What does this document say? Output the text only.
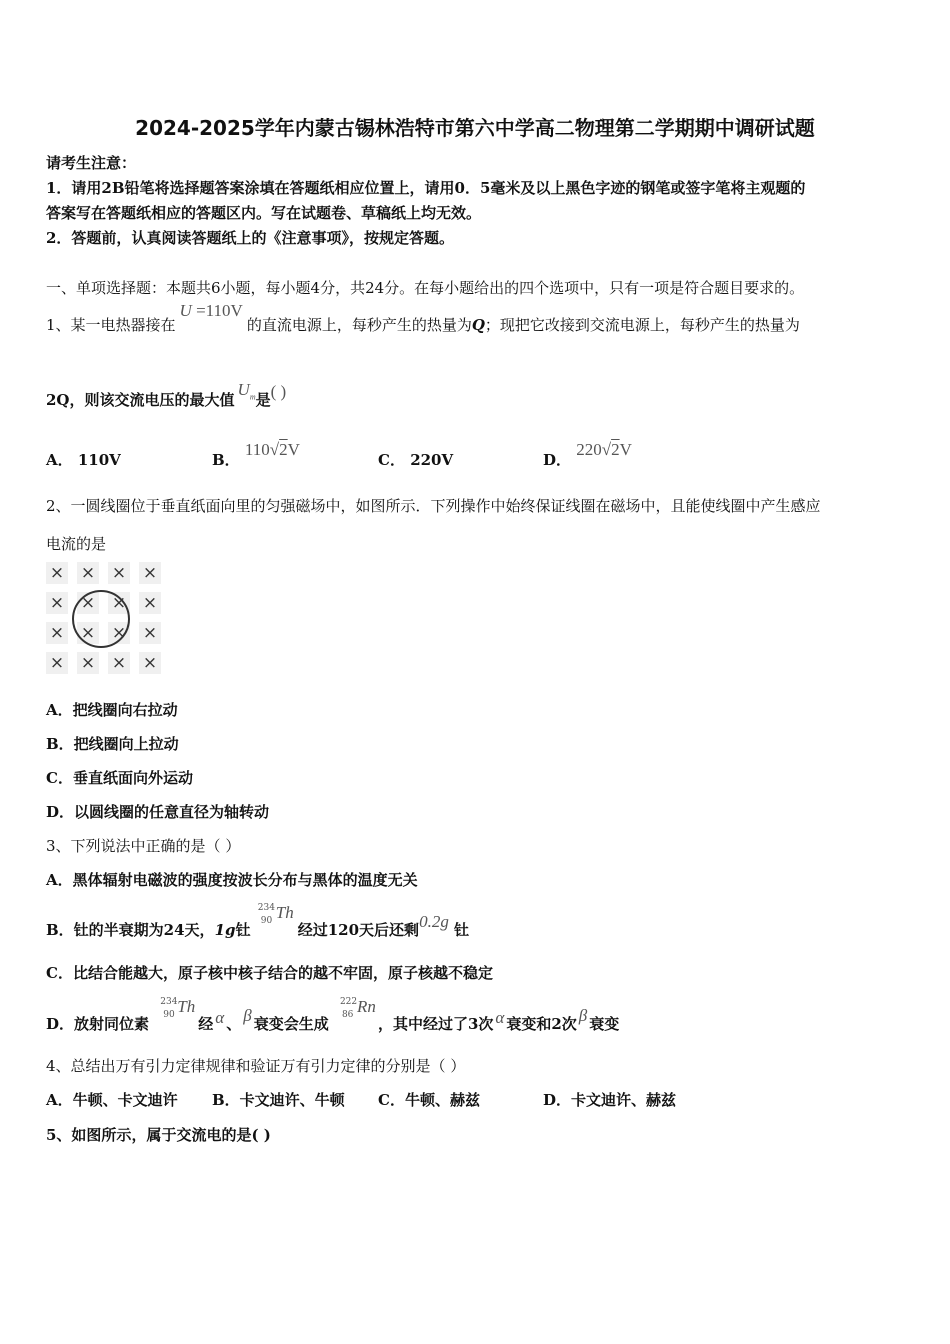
2024-2025学年内蒙古锡林浩特市第六中学高二物理第二学期期中调研试题
请考生注意：
1．请用2B铅笔将选择题答案涂填在答题纸相应位置上，请用0．5毫米及以上黑色字迹的钢笔或签字笔将主观题的
答案写在答题纸相应的答题区内。写在试题卷、草稿纸上均无效。
2．答题前，认真阅读答题纸上的《注意事项》，按规定答题。
一、单项选择题：本题共6小题，每小题4分，共24分。在每小题给出的四个选项中，只有一项是符合题目要求的。
1、某一电热器接在U =110V的直流电源上，每秒产生的热量为Q；现把它改接到交流电源上，每秒产生的热量为
2Q，则该交流电压的最大值$U_m$是( )
A． 110V	B． 110√2V
C． 220V	D． 220√2V
2、一圆线圈位于垂直纸面向里的匀强磁场中，如图所示．下列操作中始终保证线圈在磁场中，且能使线圈中产生感应
电流的是
× × × ×
× × × ×
× × × ×
× × × ×
A．把线圈向右拉动
B．把线圈向上拉动
C．垂直纸面向外运动
D．以圆线圈的任意直径为轴转动
3、下列说法中正确的是（ ）
A．黑体辐射电磁波的强度按波长分布与黑体的温度无关
B．钍的半衰期为24天，1g钍
234
90 Th
经过120天后还剩0.2g 钍
C．比结合能越大，原子核中核子结合的越不牢固，原子核越不稳定
D．放射同位素
234
90 Th
经 α 、 β 衰变会生成
222
86 Rn
，其中经过了3次 α 衰变和2次 β 衰变
4、总结出万有引力定律规律和验证万有引力定律的分别是（ ）
A．牛顿、卡文迪许 B．卡文迪许、牛顿 C．牛顿、赫兹	D．卡文迪许、赫兹
5、如图所示，属于交流电的是( )
